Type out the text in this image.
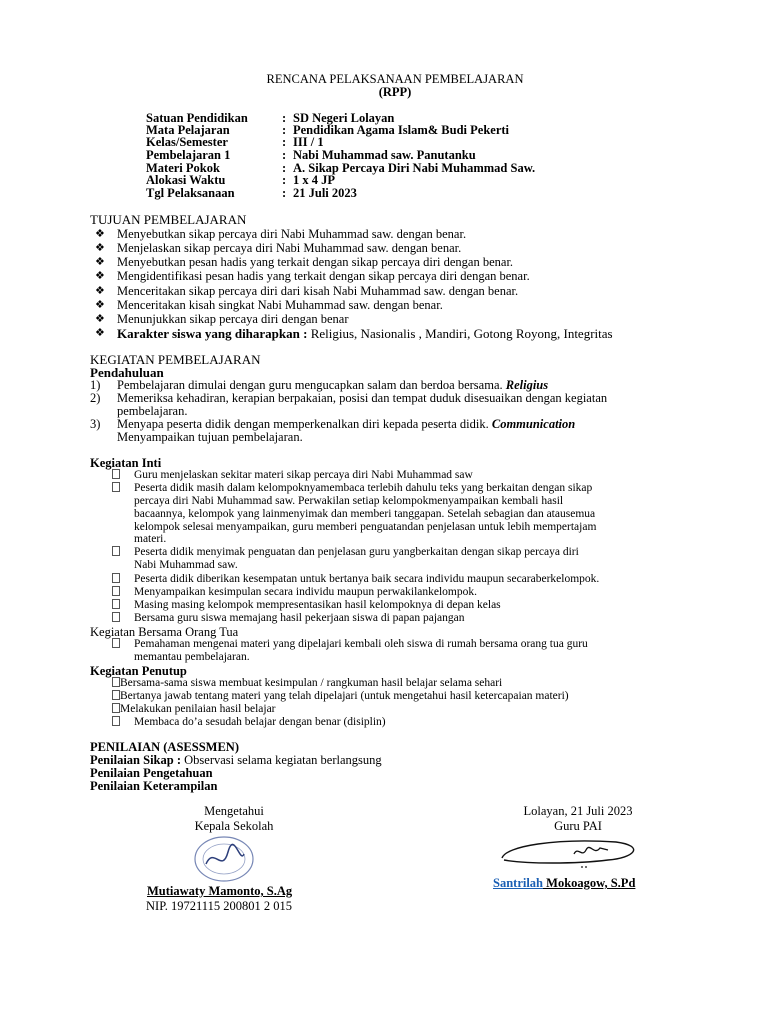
RENCANA PELAKSANAAN PEMBELAJARAN
(RPP)
Satuan Pendidikan	: SD Negeri Lolayan
Mata Pelajaran	: Pendidikan Agama Islam& Budi Pekerti
Kelas/Semester	: III / 1
Pembelajaran 1	: Nabi Muhammad saw. Panutanku
Materi Pokok	: A. Sikap Percaya Diri Nabi Muhammad Saw.
Alokasi Waktu	: 1 x 4 JP
Tgl Pelaksanaan	: 21 Juli 2023
TUJUAN PEMBELAJARAN
❖ Menyebutkan sikap percaya diri Nabi Muhammad saw. dengan benar.
❖ Menjelaskan sikap percaya diri Nabi Muhammad saw. dengan benar.
❖ Menyebutkan pesan hadis yang terkait dengan sikap percaya diri dengan benar.
❖ Mengidentifikasi pesan hadis yang terkait dengan sikap percaya diri dengan benar.
❖ Menceritakan sikap percaya diri dari kisah Nabi Muhammad saw. dengan benar.
❖ Menceritakan kisah singkat Nabi Muhammad saw. dengan benar.
❖ Menunjukkan sikap percaya diri dengan benar
❖ Karakter siswa yang diharapkan : Religius, Nasionalis , Mandiri, Gotong Royong, Integritas
KEGIATAN PEMBELAJARAN
Pendahuluan
1) Pembelajaran dimulai dengan guru mengucapkan salam dan berdoa bersama. Religius
2) Memeriksa kehadiran, kerapian berpakaian, posisi dan tempat duduk disesuaikan dengan kegiatan
pembelajaran.
3) Menyapa peserta didik dengan memperkenalkan diri kepada peserta didik. Communication
Menyampaikan tujuan pembelajaran.
Kegiatan Inti
Guru menjelaskan sekitar materi sikap percaya diri Nabi Muhammad saw
Peserta didik masih dalam kelompoknyamembaca terlebih dahulu teks yang berkaitan dengan sikap
percaya diri Nabi Muhammad saw. Perwakilan setiap kelompokmenyampaikan kembali hasil
bacaannya, kelompok yang lainmenyimak dan memberi tanggapan. Setelah sebagian dan atausemua
kelompok selesai menyampaikan, guru memberi penguatandan penjelasan untuk lebih mempertajam
materi.
Peserta didik menyimak penguatan dan penjelasan guru yangberkaitan dengan sikap percaya diri
Nabi Muhammad saw.
Peserta didik diberikan kesempatan untuk bertanya baik secara individu maupun secaraberkelompok.
Menyampaikan kesimpulan secara individu maupun perwakilankelompok.
Masing masing kelompok mempresentasikan hasil kelompoknya di depan kelas
Bersama guru siswa memajang hasil pekerjaan siswa di papan pajangan
Kegiatan Bersama Orang Tua
Pemahaman mengenai materi yang dipelajari kembali oleh siswa di rumah bersama orang tua guru
memantau pembelajaran.
Kegiatan Penutup
Bersama-sama siswa membuat kesimpulan / rangkuman hasil belajar selama sehari
Bertanya jawab tentang materi yang telah dipelajari (untuk mengetahui hasil ketercapaian materi)
Melakukan penilaian hasil belajar
Membaca do’a sesudah belajar dengan benar (disiplin)
PENILAIAN (ASESSMEN)
Penilaian Sikap : Observasi selama kegiatan berlangsung
Penilaian Pengetahuan
Penilaian Keterampilan
Mengetahui
Kepala Sekolah
Mutiawaty Mamonto, S.Ag
NIP. 19721115 200801 2 015
Lolayan, 21 Juli 2023
Guru PAI
Santrilah Mokoagow, S.Pd
